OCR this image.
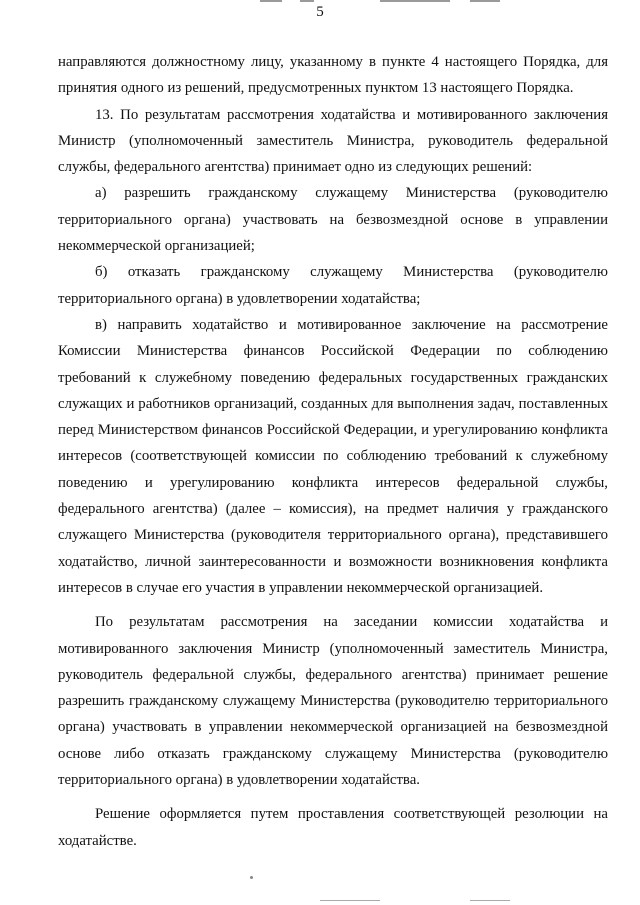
5

направляются должностному лицу, указанному в пункте 4 настоящего Порядка, для принятия одного из решений, предусмотренных пунктом 13 настоящего Порядка.

13. По результатам рассмотрения ходатайства и мотивированного заключения Министр (уполномоченный заместитель Министра, руководитель федеральной службы, федерального агентства) принимает одно из следующих решений:

а) разрешить гражданскому служащему Министерства (руководителю территориального органа) участвовать на безвозмездной основе в управлении некоммерческой организацией;

б) отказать гражданскому служащему Министерства (руководителю территориального органа) в удовлетворении ходатайства;

в) направить ходатайство и мотивированное заключение на рассмотрение Комиссии Министерства финансов Российской Федерации по соблюдению требований к служебному поведению федеральных государственных гражданских служащих и работников организаций, созданных для выполнения задач, поставленных перед Министерством финансов Российской Федерации, и урегулированию конфликта интересов (соответствующей комиссии по соблюдению требований к служебному поведению и урегулированию конфликта интересов федеральной службы, федерального агентства) (далее – комиссия), на предмет наличия у гражданского служащего Министерства (руководителя территориального органа), представившего ходатайство, личной заинтересованности и возможности возникновения конфликта интересов в случае его участия в управлении некоммерческой организацией.

По результатам рассмотрения на заседании комиссии ходатайства и мотивированного заключения Министр (уполномоченный заместитель Министра, руководитель федеральной службы, федерального агентства) принимает решение разрешить гражданскому служащему Министерства (руководителю территориального органа) участвовать в управлении некоммерческой организацией на безвозмездной основе либо отказать гражданскому служащему Министерства (руководителю территориального органа) в удовлетворении ходатайства.

Решение оформляется путем проставления соответствующей резолюции на ходатайстве.
